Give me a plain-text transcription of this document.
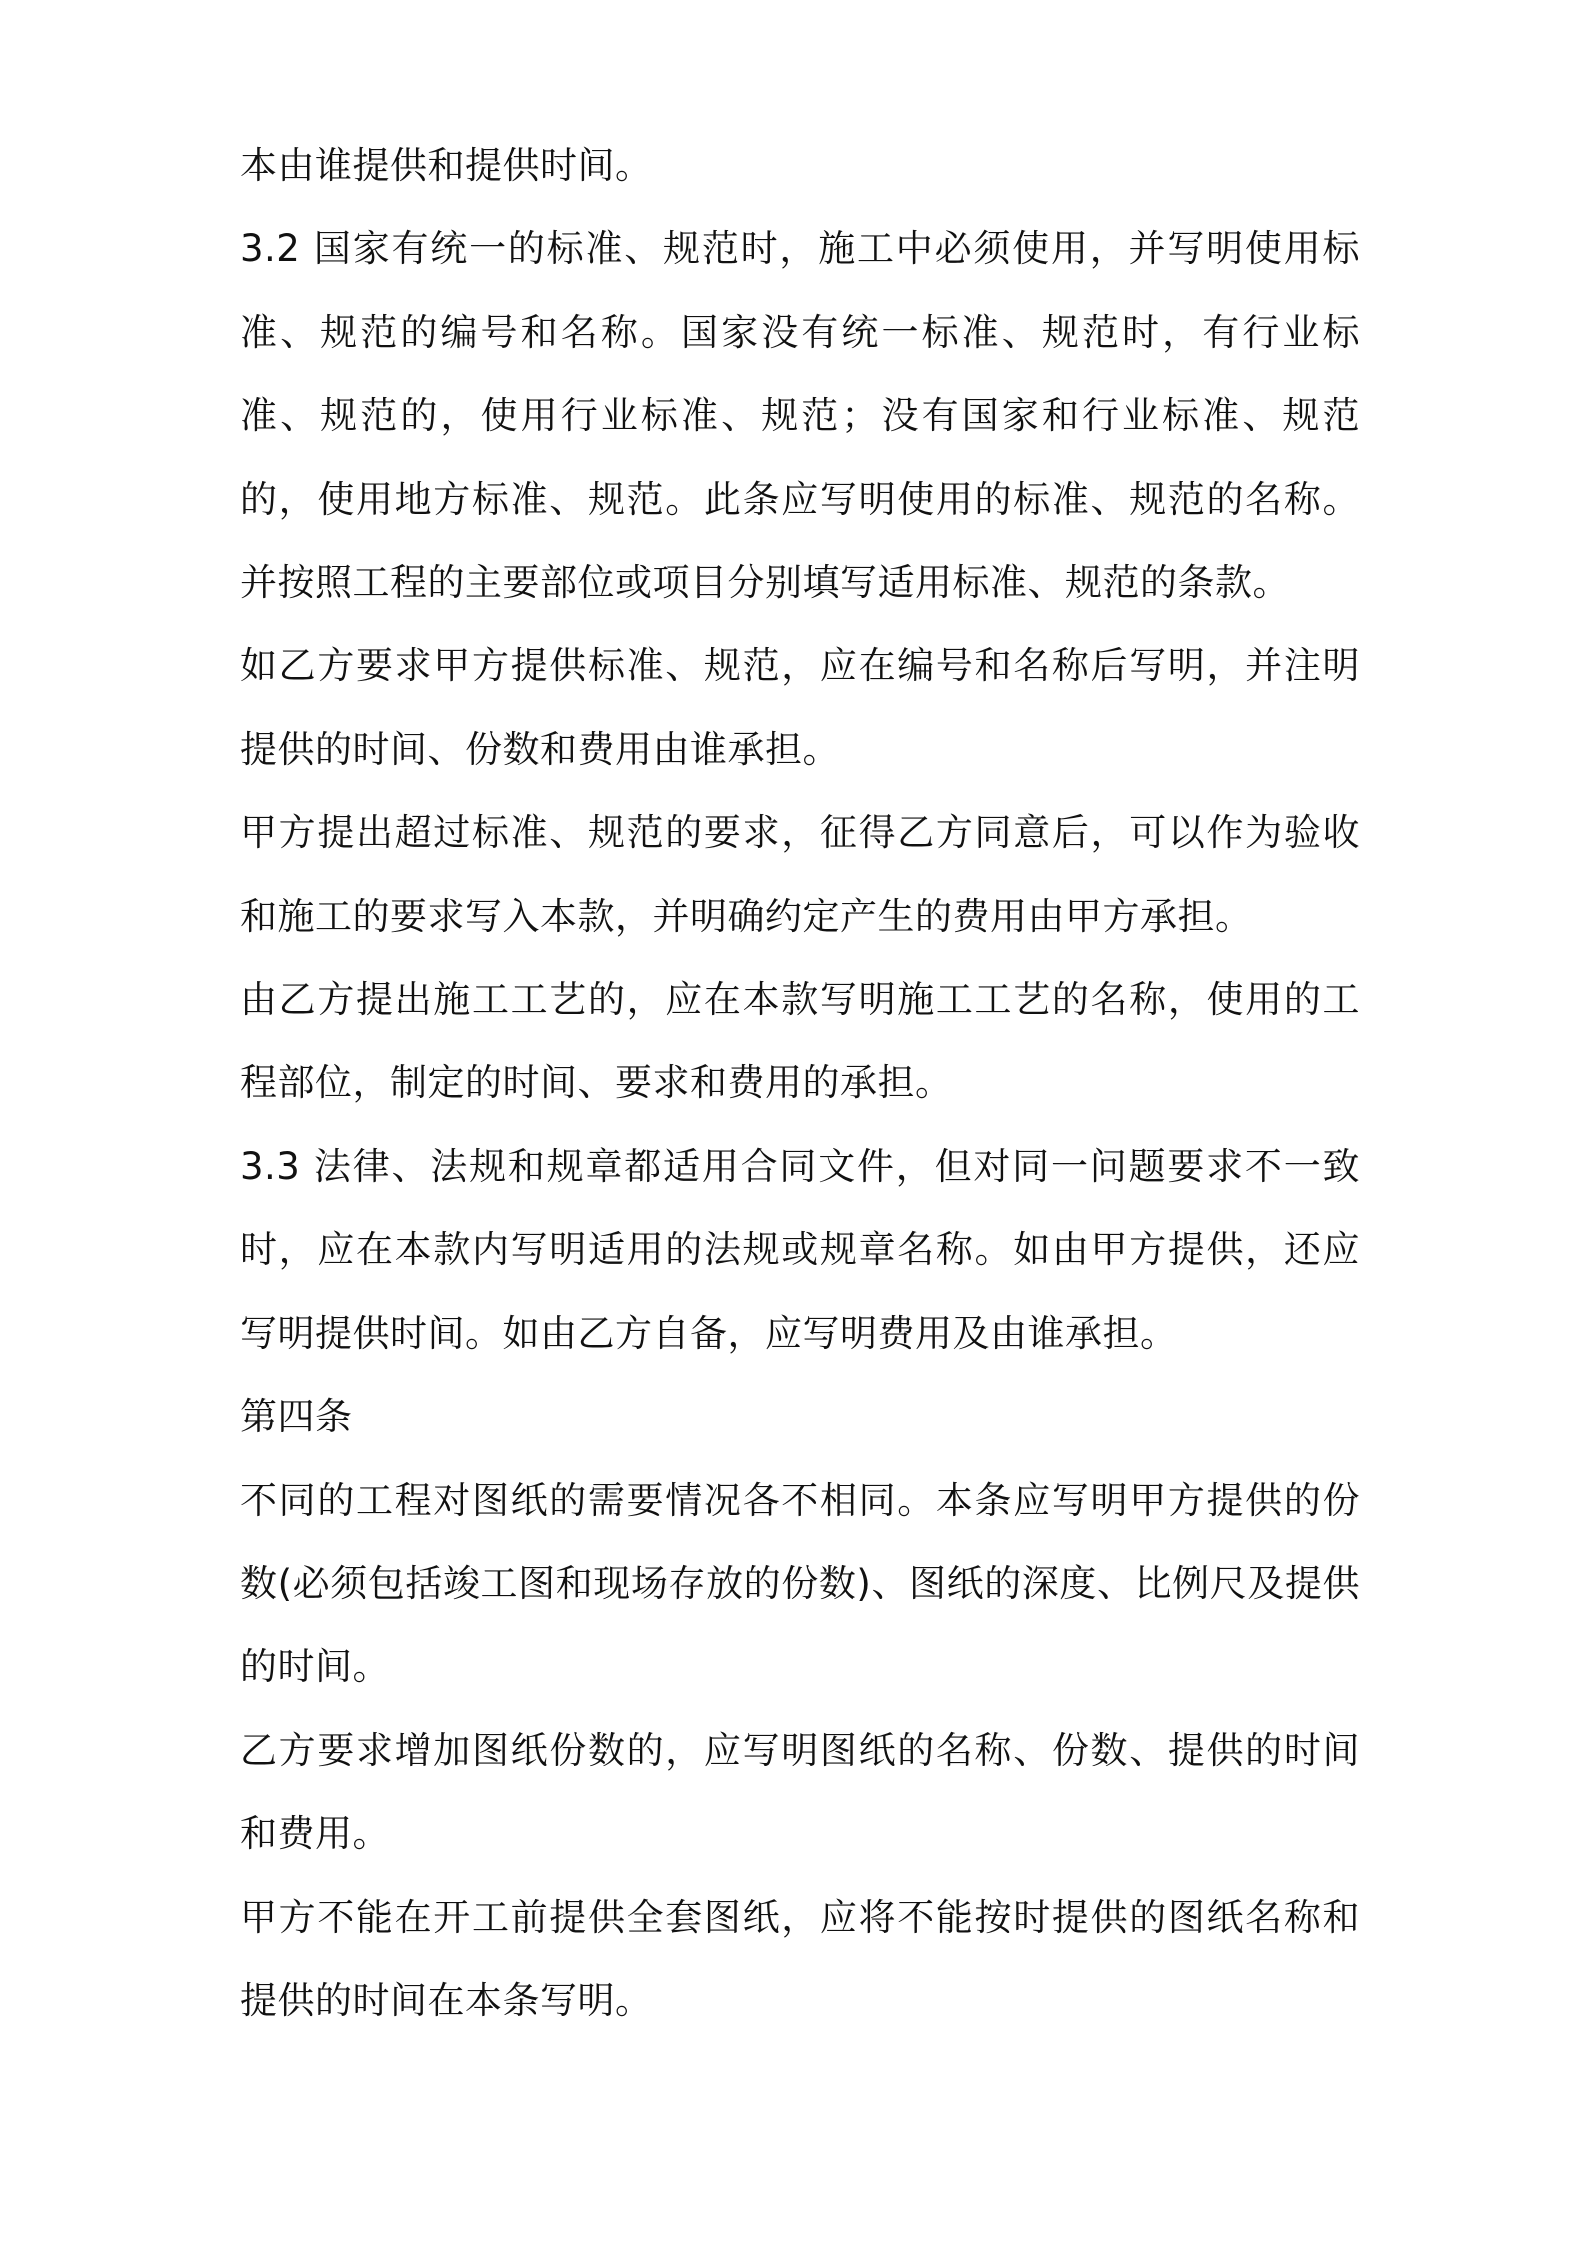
本由谁提供和提供时间。

3.2 国家有统一的标准、规范时，施工中必须使用，并写明使用标准、规范的编号和名称。国家没有统一标准、规范时，有行业标准、规范的，使用行业标准、规范；没有国家和行业标准、规范的，使用地方标准、规范。此条应写明使用的标准、规范的名称。并按照工程的主要部位或项目分别填写适用标准、规范的条款。

如乙方要求甲方提供标准、规范，应在编号和名称后写明，并注明提供的时间、份数和费用由谁承担。

甲方提出超过标准、规范的要求，征得乙方同意后，可以作为验收和施工的要求写入本款，并明确约定产生的费用由甲方承担。

由乙方提出施工工艺的，应在本款写明施工工艺的名称，使用的工程部位，制定的时间、要求和费用的承担。

3.3 法律、法规和规章都适用合同文件，但对同一问题要求不一致时，应在本款内写明适用的法规或规章名称。如由甲方提供，还应写明提供时间。如由乙方自备，应写明费用及由谁承担。

第四条

不同的工程对图纸的需要情况各不相同。本条应写明甲方提供的份数(必须包括竣工图和现场存放的份数)、图纸的深度、比例尺及提供的时间。

乙方要求增加图纸份数的，应写明图纸的名称、份数、提供的时间和费用。

甲方不能在开工前提供全套图纸，应将不能按时提供的图纸名称和提供的时间在本条写明。
